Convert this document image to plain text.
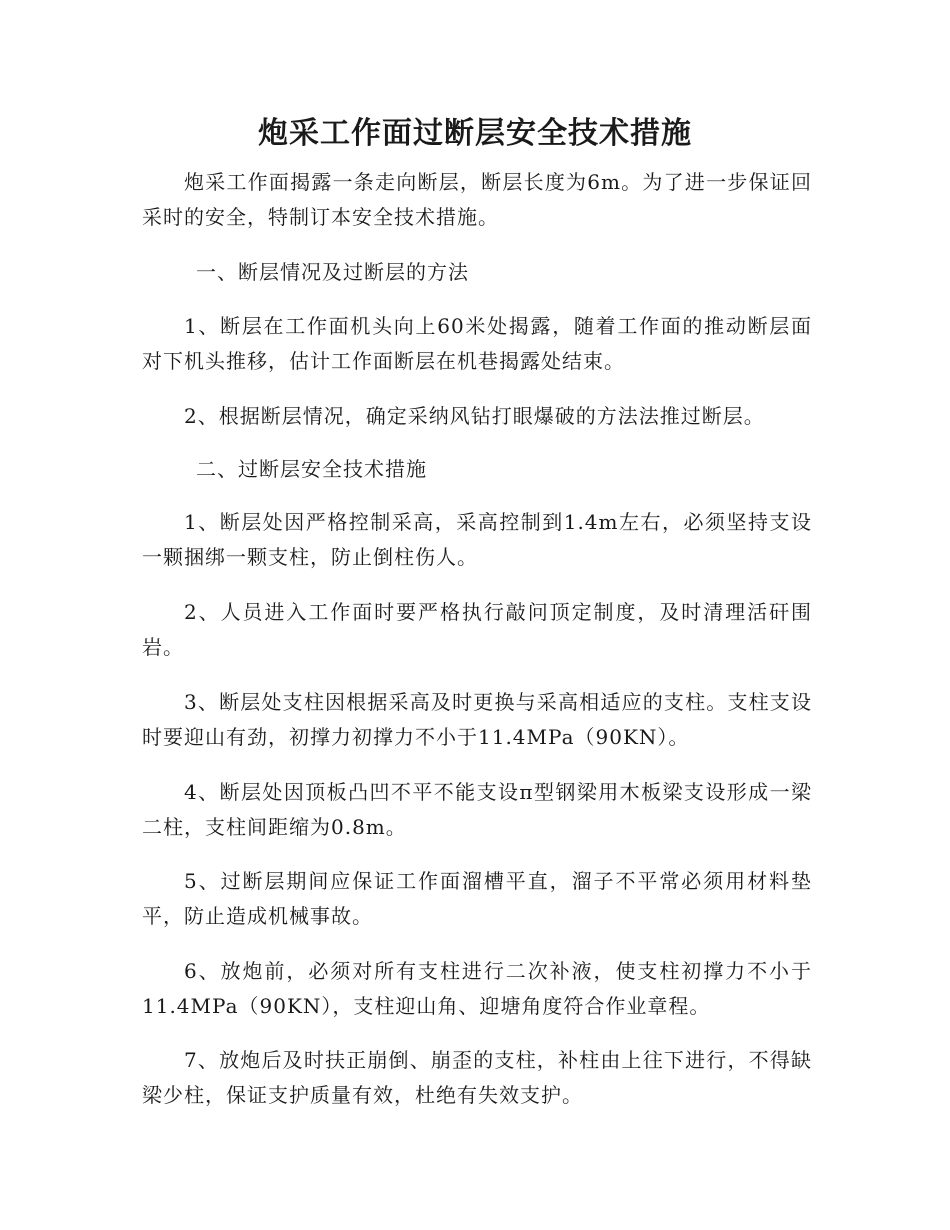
炮采工作面过断层安全技术措施

炮采工作面揭露一条走向断层，断层长度为6m。为了进一步保证回采时的安全，特制订本安全技术措施。

一、断层情况及过断层的方法

1、断层在工作面机头向上60米处揭露，随着工作面的推动断层面对下机头推移，估计工作面断层在机巷揭露处结束。

2、根据断层情况，确定采纳风钻打眼爆破的方法法推过断层。

二、过断层安全技术措施

1、断层处因严格控制采高，采高控制到1.4m左右，必须坚持支设一颗捆绑一颗支柱，防止倒柱伤人。

2、人员进入工作面时要严格执行敲问顶定制度，及时清理活矸围岩。

3、断层处支柱因根据采高及时更换与采高相适应的支柱。支柱支设时要迎山有劲，初撑力初撑力不小于11.4MPa（90KN）。

4、断层处因顶板凸凹不平不能支设π型钢梁用木板梁支设形成一梁二柱，支柱间距缩为0.8m。

5、过断层期间应保证工作面溜槽平直，溜子不平常必须用材料垫平，防止造成机械事故。

6、放炮前，必须对所有支柱进行二次补液，使支柱初撑力不小于11.4MPa（90KN），支柱迎山角、迎塘角度符合作业章程。

7、放炮后及时扶正崩倒、崩歪的支柱，补柱由上往下进行，不得缺梁少柱，保证支护质量有效，杜绝有失效支护。
